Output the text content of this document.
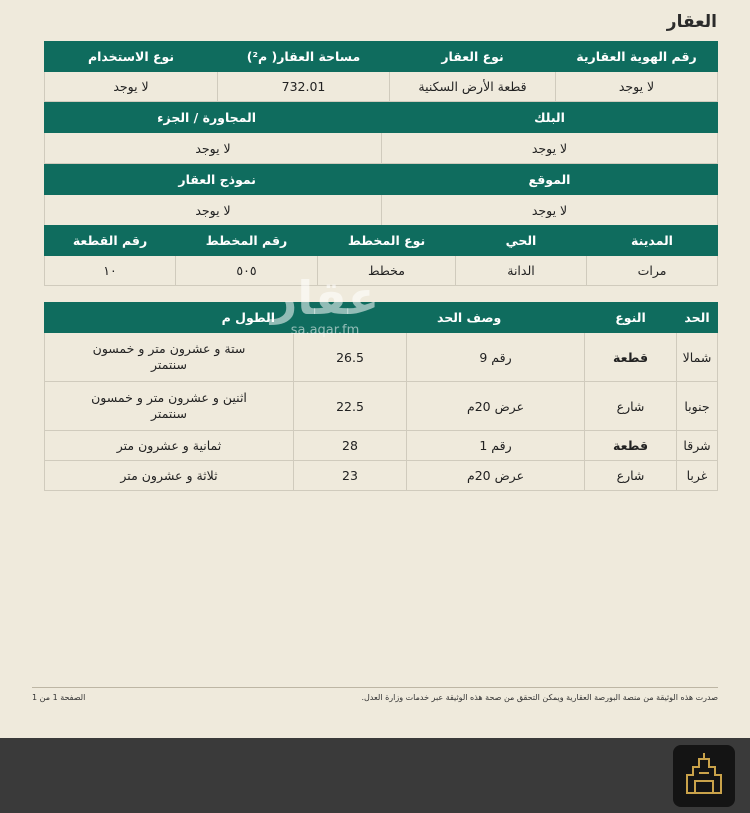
العقار
رقم الهوية العقارية	نوع العقار	مساحة العقار( م²)	نوع الاستخدام
لا يوجد	قطعة الأرض السكنية	732.01	لا يوجد
البلك	المجاورة / الجزء
لا يوجد	لا يوجد
الموقع	نموذج العقار
لا يوجد	لا يوجد
المدينة	الحي	نوع المخطط	رقم المخطط	رقم القطعة
مرات	الدانة	مخطط	٥٠٥	١٠
الحد	النوع	وصف الحد		الطول م
شمالا	قطعة	رقم 9	26.5	ستة و عشرون متر و خمسون سنتمتر
جنوبا	شارع	عرض 20م	22.5	اثنين و عشرون متر و خمسون سنتمتر
شرقا	قطعة	رقم 1	28	ثمانية و عشرون متر
غربا	شارع	عرض 20م	23	ثلاثة و عشرون متر
عقار
sa.aqar.fm
صدرت هذه الوثيقة من منصة البورصة العقارية ويمكن التحقق من صحة هذه الوثيقة عبر خدمات وزارة العدل.
الصفحة 1 من 1
